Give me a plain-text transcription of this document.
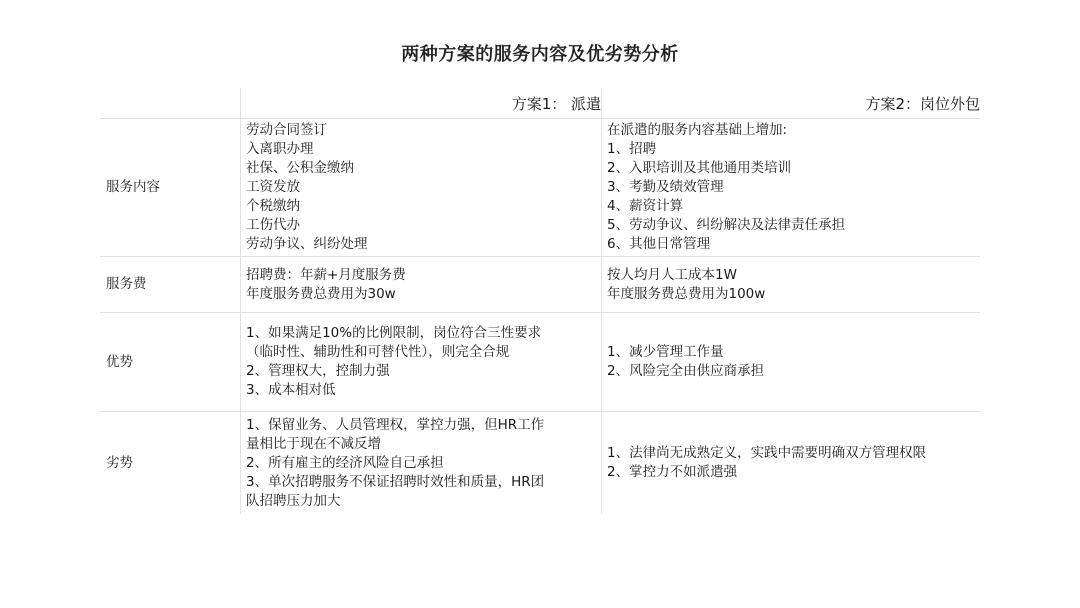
两种方案的服务内容及优劣势分析
方案1： 派遣	方案2：岗位外包
服务内容
劳动合同签订
入离职办理
社保、公积金缴纳
工资发放
个税缴纳
工伤代办
劳动争议、纠纷处理
在派遣的服务内容基础上增加:
1、招聘
2、入职培训及其他通用类培训
3、考勤及绩效管理
4、薪资计算
5、劳动争议、纠纷解决及法律责任承担
6、其他日常管理
服务费
招聘费：年薪+月度服务费
年度服务费总费用为30w
按人均月人工成本1W
年度服务费总费用为100w
优势
1、如果满足10%的比例限制，岗位符合三性要求
（临时性、辅助性和可替代性），则完全合规
2、管理权大，控制力强
3、成本相对低
1、减少管理工作量
2、风险完全由供应商承担
劣势
1、保留业务、人员管理权，掌控力强，但HR工作
量相比于现在不减反增
2、所有雇主的经济风险自己承担
3、单次招聘服务不保证招聘时效性和质量，HR团
队招聘压力加大
1、法律尚无成熟定义，实践中需要明确双方管理权限
2、掌控力不如派遣强
